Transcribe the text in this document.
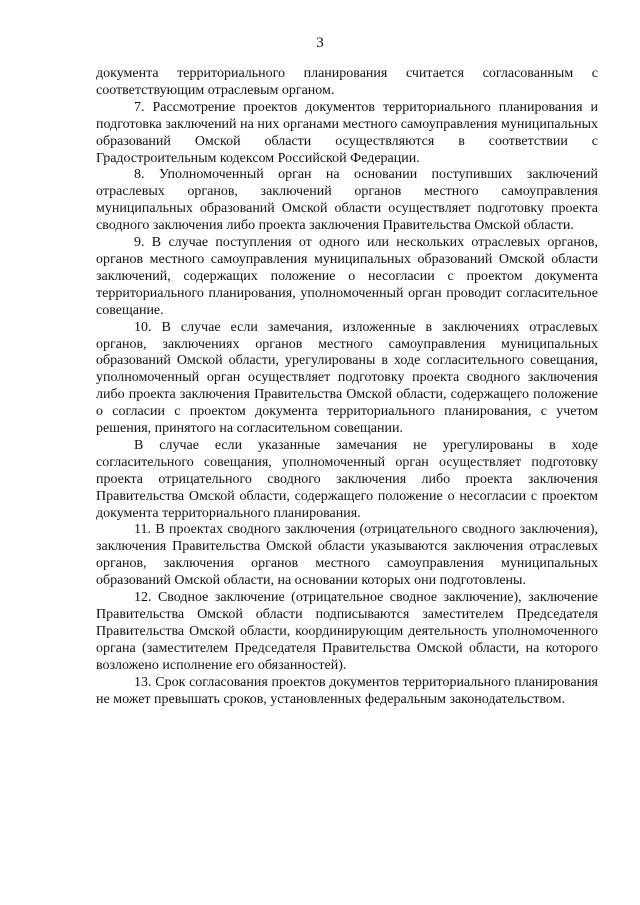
3

документа территориального планирования считается согласованным с соответствующим отраслевым органом.

7. Рассмотрение проектов документов территориального планирования и подготовка заключений на них органами местного самоуправления муниципальных образований Омской области осуществляются в соответствии с Градостроительным кодексом Российской Федерации.

8. Уполномоченный орган на основании поступивших заключений отраслевых органов, заключений органов местного самоуправления муниципальных образований Омской области осуществляет подготовку проекта сводного заключения либо проекта заключения Правительства Омской области.

9. В случае поступления от одного или нескольких отраслевых органов, органов местного самоуправления муниципальных образований Омской области заключений, содержащих положение о несогласии с проектом документа территориального планирования, уполномоченный орган проводит согласительное совещание.

10. В случае если замечания, изложенные в заключениях отраслевых органов, заключениях органов местного самоуправления муниципальных образований Омской области, урегулированы в ходе согласительного совещания, уполномоченный орган осуществляет подготовку проекта сводного заключения либо проекта заключения Правительства Омской области, содержащего положение о согласии с проектом документа территориального планирования, с учетом решения, принятого на согласительном совещании.

В случае если указанные замечания не урегулированы в ходе согласительного совещания, уполномоченный орган осуществляет подготовку проекта отрицательного сводного заключения либо проекта заключения Правительства Омской области, содержащего положение о несогласии с проектом документа территориального планирования.

11. В проектах сводного заключения (отрицательного сводного заключения), заключения Правительства Омской области указываются заключения отраслевых органов, заключения органов местного самоуправления муниципальных образований Омской области, на основании которых они подготовлены.

12. Сводное заключение (отрицательное сводное заключение), заключение Правительства Омской области подписываются заместителем Председателя Правительства Омской области, координирующим деятельность уполномоченного органа (заместителем Председателя Правительства Омской области, на которого возложено исполнение его обязанностей).

13. Срок согласования проектов документов территориального планирования не может превышать сроков, установленных федеральным законодательством.
